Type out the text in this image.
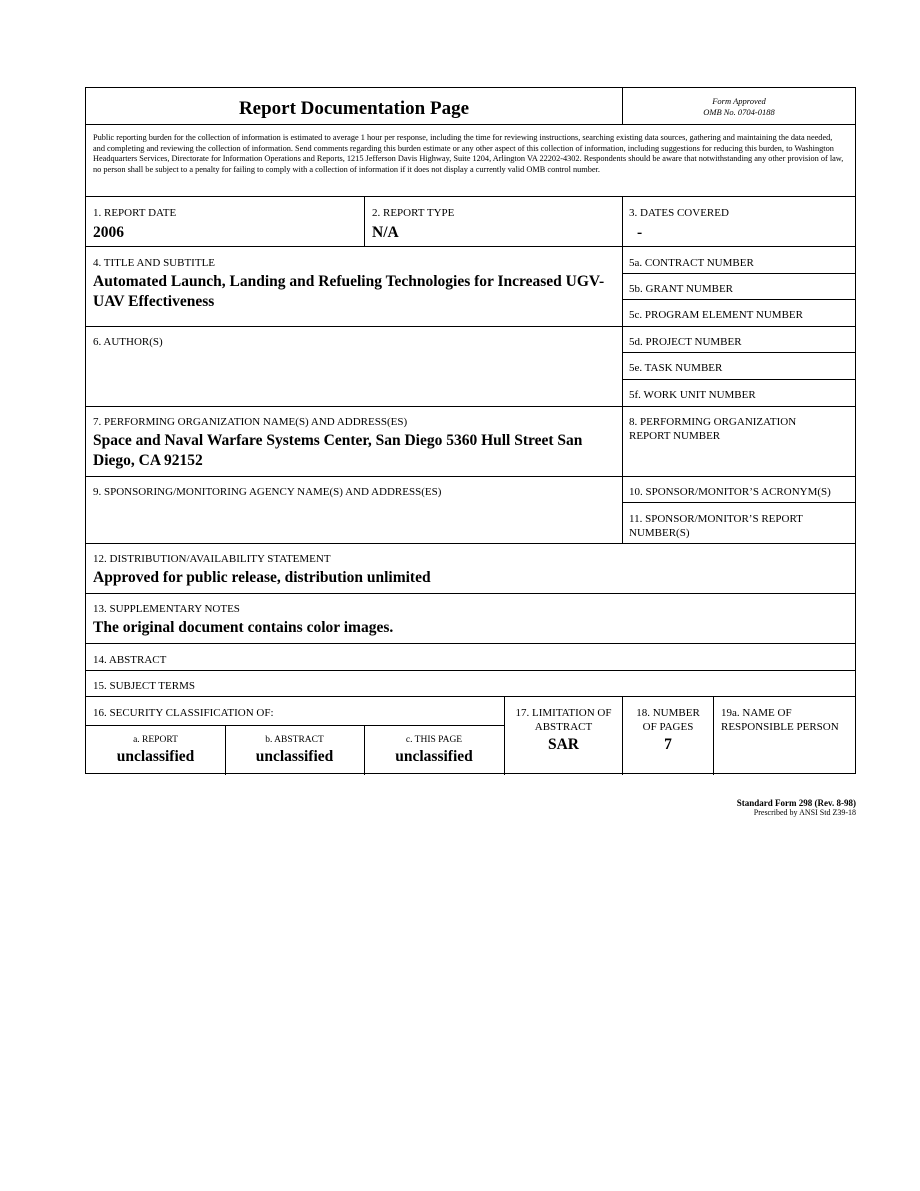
Report Documentation Page	Form Approved
OMB No. 0704-0188
Public reporting burden for the collection of information is estimated to average 1 hour per response, including the time for reviewing instructions, searching existing data sources, gathering and maintaining the data needed, and completing and reviewing the collection of information. Send comments regarding this burden estimate or any other aspect of this collection of information, including suggestions for reducing this burden, to Washington Headquarters Services, Directorate for Information Operations and Reports, 1215 Jefferson Davis Highway, Suite 1204, Arlington VA 22202-4302. Respondents should be aware that notwithstanding any other provision of law, no person shall be subject to a penalty for failing to comply with a collection of information if it does not display a currently valid OMB control number.
1. REPORT DATE
2006
2. REPORT TYPE
N/A
3. DATES COVERED
-
4. TITLE AND SUBTITLE
Automated Launch, Landing and Refueling Technologies for Increased UGV-UAV Effectiveness
5a. CONTRACT NUMBER
5b. GRANT NUMBER
5c. PROGRAM ELEMENT NUMBER
6. AUTHOR(S)	5d. PROJECT NUMBER
5e. TASK NUMBER
5f. WORK UNIT NUMBER
7. PERFORMING ORGANIZATION NAME(S) AND ADDRESS(ES)
Space and Naval Warfare Systems Center, San Diego 5360 Hull Street San Diego, CA 92152
8. PERFORMING ORGANIZATION REPORT NUMBER
9. SPONSORING/MONITORING AGENCY NAME(S) AND ADDRESS(ES)	10. SPONSOR/MONITOR’S ACRONYM(S)
11. SPONSOR/MONITOR’S REPORT NUMBER(S)
12. DISTRIBUTION/AVAILABILITY STATEMENT
Approved for public release, distribution unlimited
13. SUPPLEMENTARY NOTES
The original document contains color images.
14. ABSTRACT
15. SUBJECT TERMS
16. SECURITY CLASSIFICATION OF:
a. REPORT
unclassified
b. ABSTRACT
unclassified
c. THIS PAGE
unclassified
17. LIMITATION OF ABSTRACT
SAR
18. NUMBER OF PAGES
7
19a. NAME OF RESPONSIBLE PERSON
Standard Form 298 (Rev. 8-98)
Prescribed by ANSI Std Z39-18
